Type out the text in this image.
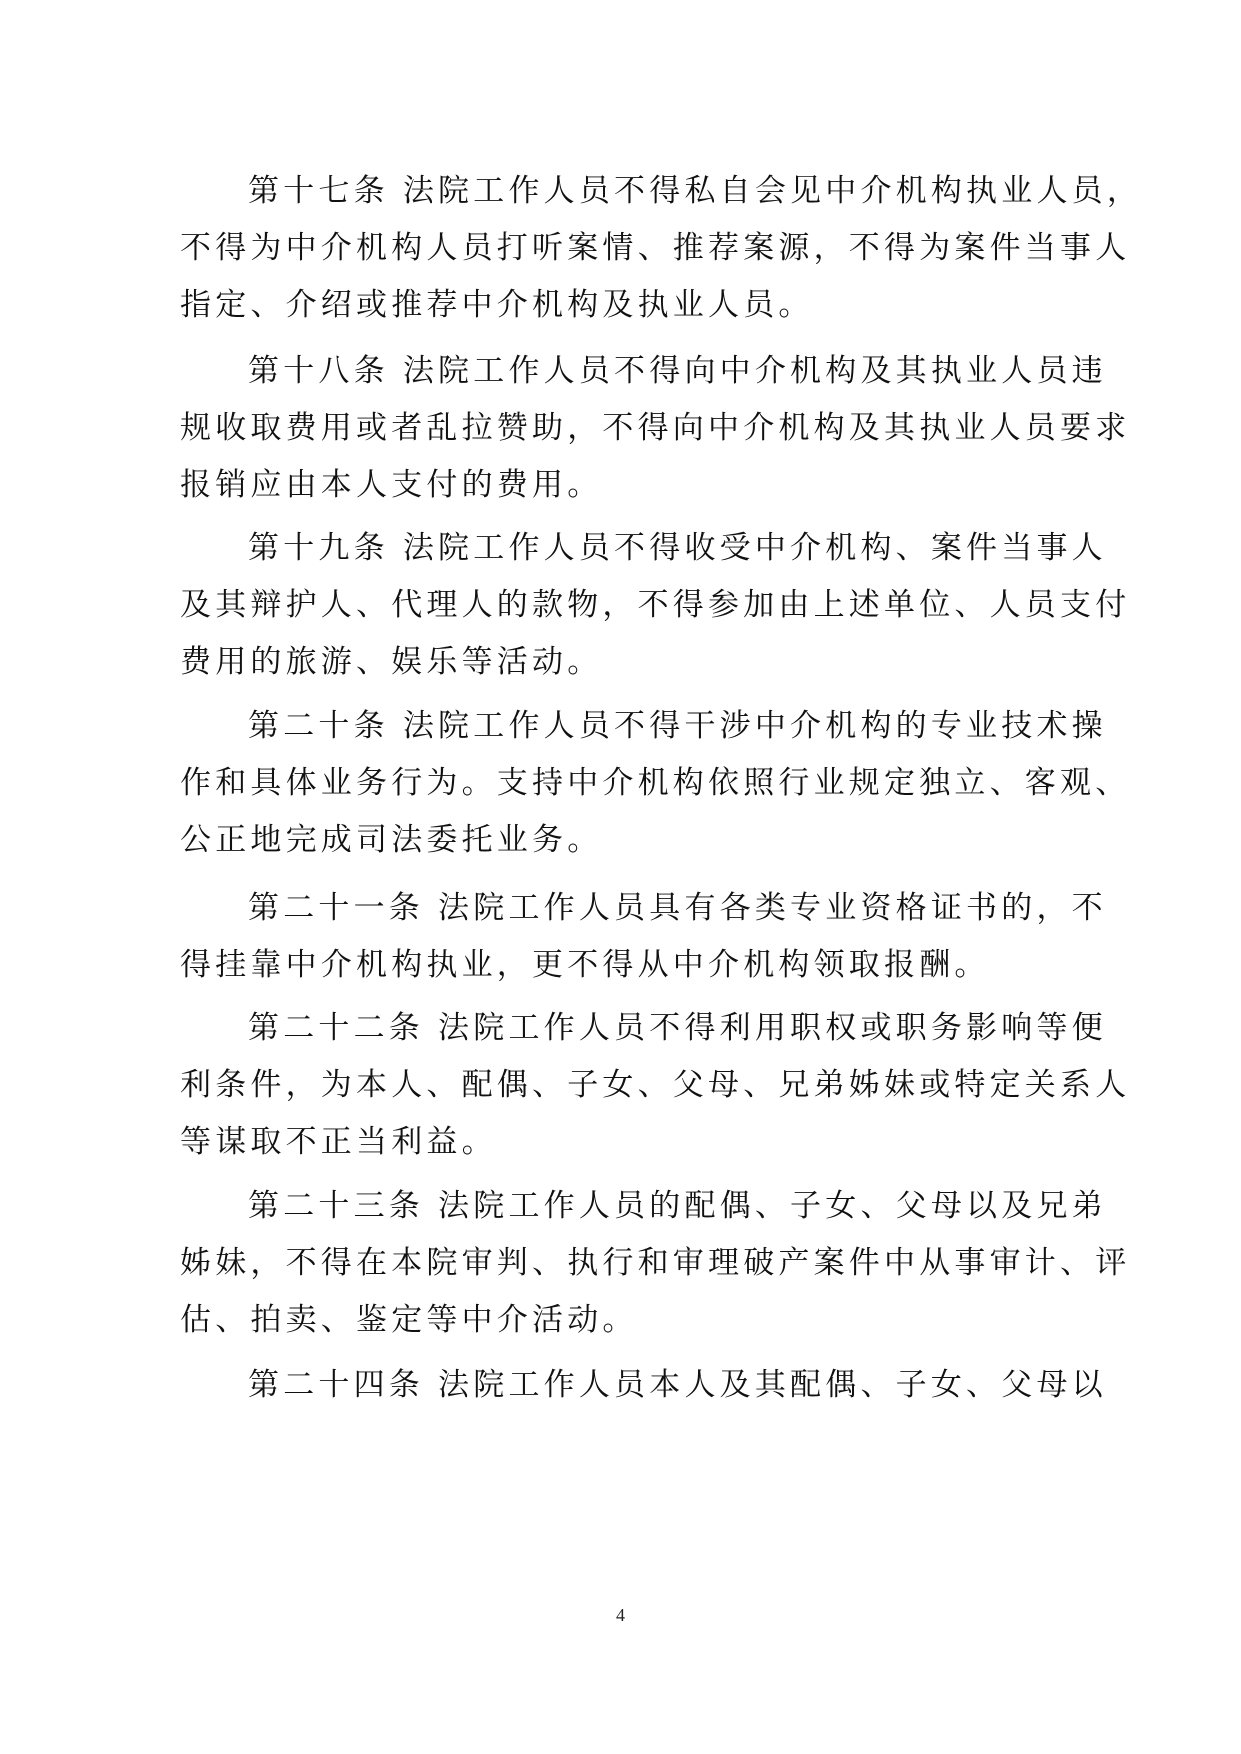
第十七条 法院工作人员不得私自会见中介机构执业人员，
不得为中介机构人员打听案情、推荐案源，不得为案件当事人
指定、介绍或推荐中介机构及执业人员。
第十八条 法院工作人员不得向中介机构及其执业人员违
规收取费用或者乱拉赞助，不得向中介机构及其执业人员要求
报销应由本人支付的费用。
第十九条 法院工作人员不得收受中介机构、案件当事人
及其辩护人、代理人的款物，不得参加由上述单位、人员支付
费用的旅游、娱乐等活动。
第二十条 法院工作人员不得干涉中介机构的专业技术操
作和具体业务行为。支持中介机构依照行业规定独立、客观、
公正地完成司法委托业务。
第二十一条 法院工作人员具有各类专业资格证书的，不
得挂靠中介机构执业，更不得从中介机构领取报酬。
第二十二条 法院工作人员不得利用职权或职务影响等便
利条件，为本人、配偶、子女、父母、兄弟姊妹或特定关系人
等谋取不正当利益。
第二十三条 法院工作人员的配偶、子女、父母以及兄弟
姊妹，不得在本院审判、执行和审理破产案件中从事审计、评
估、拍卖、鉴定等中介活动。
第二十四条 法院工作人员本人及其配偶、子女、父母以
4
